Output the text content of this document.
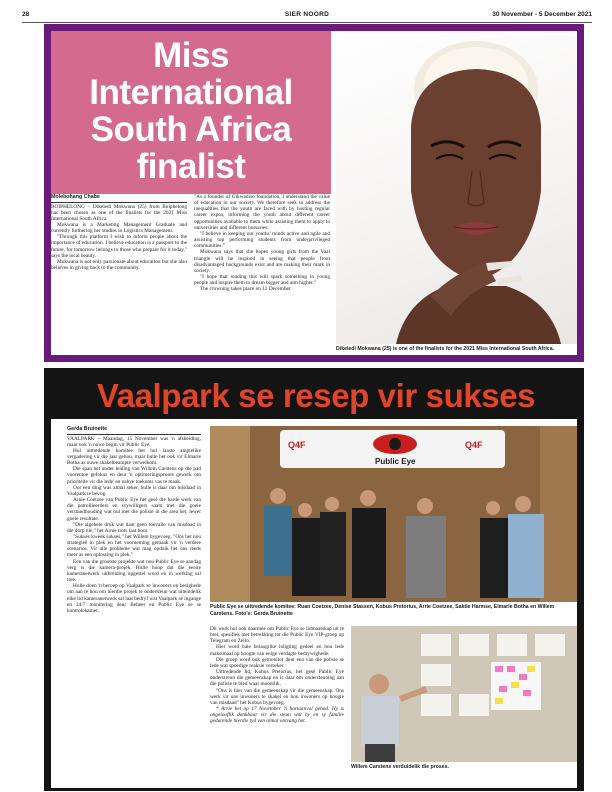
28	SIER NOORD	30 November - 5 December 2021
Miss International South Africa finalist
Molebohang Chabe

BOIPHELONG – Dikeledi Mokwana (25) from Boiphelong has been chosen as one of the finalists for the 2021 Miss International South Africa.

Mokwana is a Marketing Management Graduate and currently furthering her studies in Logistics Management.

"Through this platform I wish to inform people about the importance of education. I believe education is a passport to the future, for tomorrow belongs to those who prepare for it today," says the local beauty.

Mokwana is not only passionate about education but she also believes in giving back to the community.

"As a founder of Gikwadiso foundation, I understand the value of education in our society. We therefore seek to address the inequalities that the youth are faced with by hosting regular career expos, informing the youth about different career opportunities available to them while assisting them to apply to universities and different bursaries.

"I believe in keeping our youths' minds active and agile and assisting top performing students from underprivileged communities."

Mokwana says that she hopes young girls from the Vaal triangle will be inspired in seeing that people from disadvantaged backgrounds exist and are making their mark in society.

"I hope that reading this will spark something in young people and inspire them to dream bigger and aim higher."

The crowning takes place on 12 December.

Dikeledi Mokwana (25) is one of the finalists for the 2021 Miss International South Africa.
Vaalpark se resep vir sukses
Gerda Bruinette

VAALPARK – Maandag, 15 November was 'n afskeiding, maar ook 'n nuwe begin vir Public Eye.

Hul uittredende komitee het hul laaste amptelike vergadering vir die jaar gehou, maar hulle het ook vir Elmarie Botha as nuwe skakelbeampte verwelkom.

Die span het onder leiding van Willem Carstens op die pad voorentoe gefokus en deur 'n optimeringsproses gewerk om prioriteite vir die lede' en nabye toekoms vas te maak.

Oor een ding was almal seker, hulle is daar om misdaad in Vaalpark te bevog.

Arnie Coetzee van Public Eye het gesê die harde werk van die patrollieerders en vrywilligers saam met die goeie verstandhouding wat hul met die polisie in die area het, lewer goeie resultate.

"Die algehele druk wat daar geen toevalle van misdaad in die dorp nie," het Arnie trots laat hoor.

"Sukses kweek sukses," het Willem bygevoeg. "Ons het nou strategieë in plek en het voorneming gemaak vir 'n verdere scenarios. Vir alle probleme wat mag opduik het ons reeds meer as een oplossing in plek."

Een van die grootste projekte wat nou Public Eye se aandag verg is die kamera-projek. Hulle hoop dat die eerste kameranetwerk uitbreiding opgestel word en in werking sal tree.

Hulle doen 'n beroep op Vaalpark se inwoners en besighede om aan te hou om hierdie projek te ondersteun wat uiteindelik elke lid kameranetwerk sal laat bedryf wat Vaalpark se ingange en 24/7 monitering deur Beheer en Public Eye se se kontrolekamer.

Q4F
Public Eye
Q4F
Public Eye se uittredende komitee: Ruan Coetzee, Denise Stassen, Kobus Pretorius, Arrie Coetzee, Saktie Harmse, Elmarie Botha en Willem Carstens. Foto's: Gerda Bruinette

Dit werk hul ook daarmee om Public Eye se lidmaatskap uit te brei, spesifiek met betrekking tot die Public Eye VIP-groep op Telegram en Zello.

Hier word baie belangrike inligting gedeel en hou lede maksimaal op hoogte van enige verdagte bedrywighede.

Die groep word ook gemonitor deur een van die polisie se lede wat spoedige reaksie verseker.

Uittredende lid, Kobus Pretorius, het gesê Public Eye onderstreun die gemeenskap en is daar om ondersteuning aan die polisie te bied waar moontlik.

"Ons is hier van die gemeenskap vir die gemeenskap. Ons werk vir ons inwoners te skakel en hou inwoners op hoogte van misdaad" het Kobus bygevoeg.

* Arrie het op 17 November 'n hartaanval gehad. Hy is ongelooflik dankbaar vir die steun wat hy en sy familie gedurende hierdie tyd van almal ontvang het.

Willem Carstens verduidelik die proses.
